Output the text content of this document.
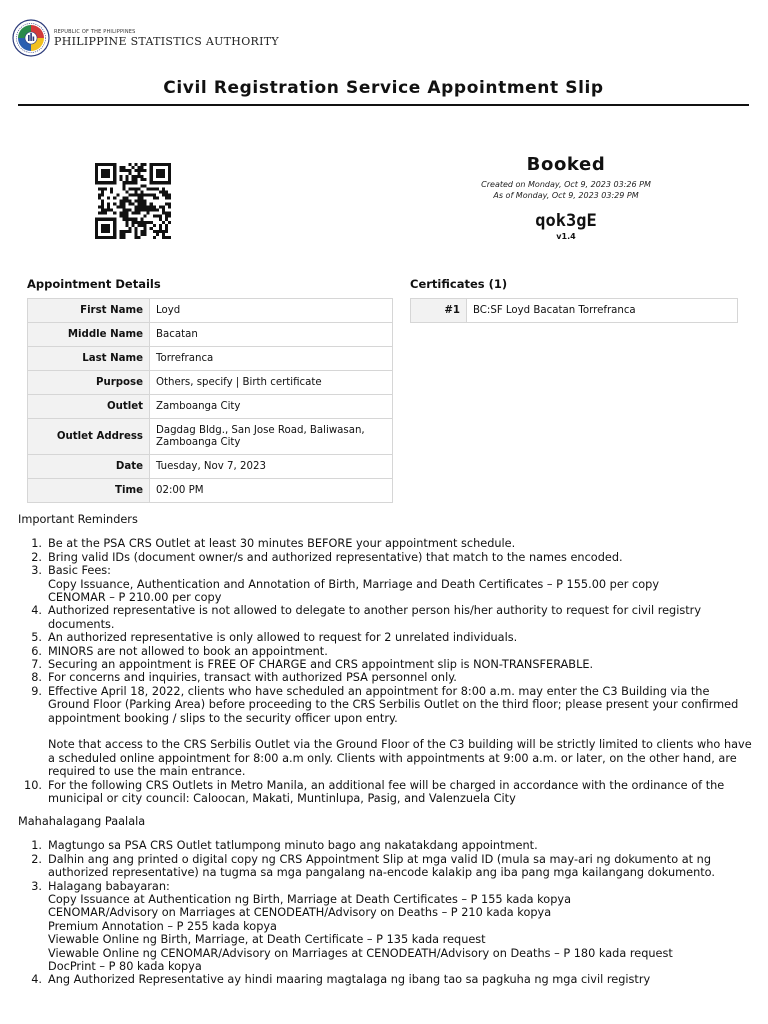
REPUBLIC OF THE PHILIPPINES
PHILIPPINE STATISTICS AUTHORITY
Civil Registration Service Appointment Slip
Booked
Created on Monday, Oct 9, 2023 03:26 PM
As of Monday, Oct 9, 2023 03:29 PM
qok3gE
v1.4
Appointment Details	Certificates (1)
First Name	Loyd
Middle Name	Bacatan
Last Name	Torrefranca
Purpose	Others, specify | Birth certificate
Outlet	Zamboanga City
Outlet Address	Dagdag Bldg., San Jose Road, Baliwasan, Zamboanga City
Date	Tuesday, Nov 7, 2023
Time	02:00 PM
#1	BC:SF Loyd Bacatan Torrefranca
Important Reminders
1. Be at the PSA CRS Outlet at least 30 minutes BEFORE your appointment schedule.
2. Bring valid IDs (document owner/s and authorized representative) that match to the names encoded.
3. Basic Fees:
Copy Issuance, Authentication and Annotation of Birth, Marriage and Death Certificates – P 155.00 per copy
CENOMAR – P 210.00 per copy
4. Authorized representative is not allowed to delegate to another person his/her authority to request for civil registry documents.
5. An authorized representative is only allowed to request for 2 unrelated individuals.
6. MINORS are not allowed to book an appointment.
7. Securing an appointment is FREE OF CHARGE and CRS appointment slip is NON-TRANSFERABLE.
8. For concerns and inquiries, transact with authorized PSA personnel only.
9. Effective April 18, 2022, clients who have scheduled an appointment for 8:00 a.m. may enter the C3 Building via the Ground Floor (Parking Area) before proceeding to the CRS Serbilis Outlet on the third floor; please present your confirmed appointment booking / slips to the security officer upon entry.
Note that access to the CRS Serbilis Outlet via the Ground Floor of the C3 building will be strictly limited to clients who have a scheduled online appointment for 8:00 a.m only. Clients with appointments at 9:00 a.m. or later, on the other hand, are required to use the main entrance.
10. For the following CRS Outlets in Metro Manila, an additional fee will be charged in accordance with the ordinance of the municipal or city council: Caloocan, Makati, Muntinlupa, Pasig, and Valenzuela City
Mahahalagang Paalala
1. Magtungo sa PSA CRS Outlet tatlumpong minuto bago ang nakatakdang appointment.
2. Dalhin ang ang printed o digital copy ng CRS Appointment Slip at mga valid ID (mula sa may-ari ng dokumento at ng authorized representative) na tugma sa mga pangalang na-encode kalakip ang iba pang mga kailangang dokumento.
3. Halagang babayaran:
Copy Issuance at Authentication ng Birth, Marriage at Death Certificates – P 155 kada kopya
CENOMAR/Advisory on Marriages at CENODEATH/Advisory on Deaths – P 210 kada kopya
Premium Annotation – P 255 kada kopya
Viewable Online ng Birth, Marriage, at Death Certificate – P 135 kada request
Viewable Online ng CENOMAR/Advisory on Marriages at CENODEATH/Advisory on Deaths – P 180 kada request
DocPrint – P 80 kada kopya
4. Ang Authorized Representative ay hindi maaring magtalaga ng ibang tao sa pagkuha ng mga civil registry
